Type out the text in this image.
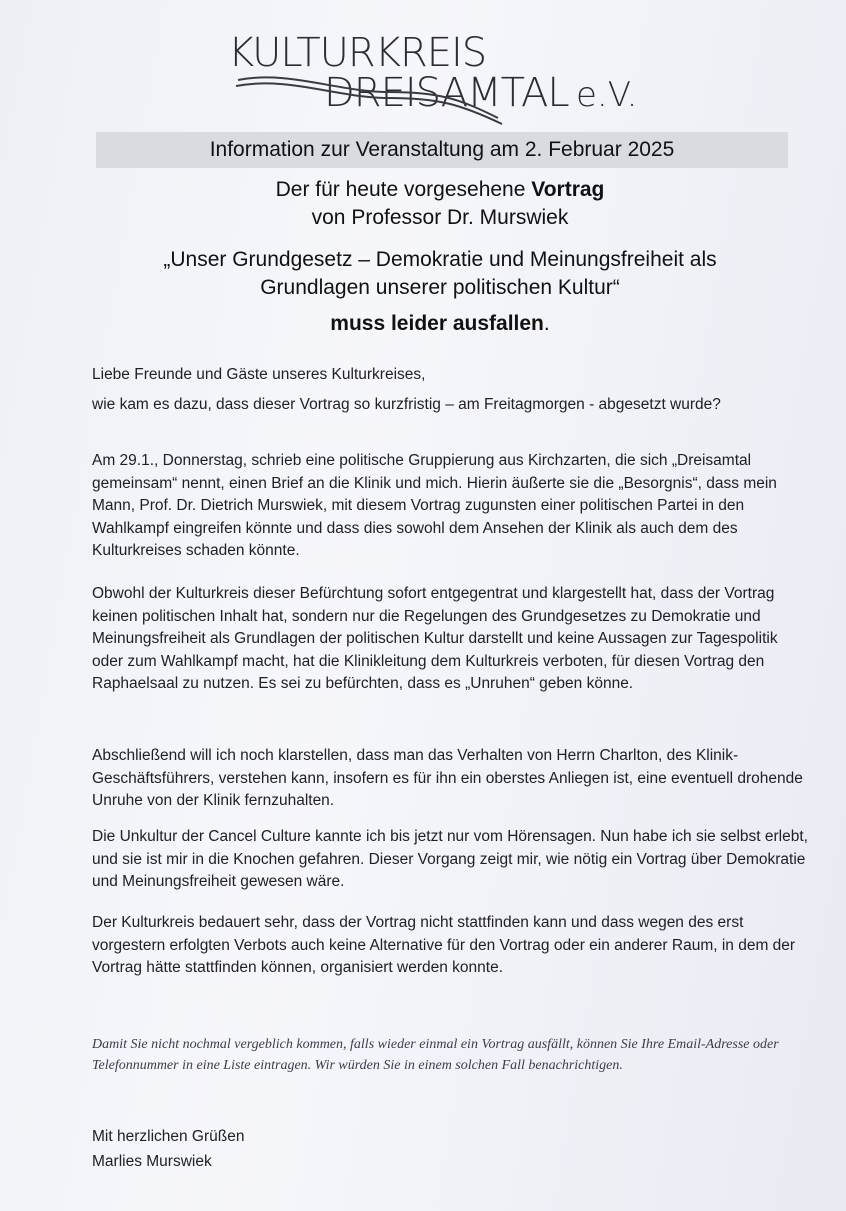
KULTURKREIS
DREISAMTAL e.V.
Information zur Veranstaltung am 2. Februar 2025
Der für heute vorgesehene Vortrag
von Professor Dr. Murswiek
„Unser Grundgesetz – Demokratie und Meinungsfreiheit als
Grundlagen unserer politischen Kultur“
muss leider ausfallen.
Liebe Freunde und Gäste unseres Kulturkreises,
wie kam es dazu, dass dieser Vortrag so kurzfristig – am Freitagmorgen - abgesetzt wurde?
Am 29.1., Donnerstag, schrieb eine politische Gruppierung aus Kirchzarten, die sich „Dreisamtal gemeinsam“ nennt, einen Brief an die Klinik und mich. Hierin äußerte sie die „Besorgnis“, dass mein Mann, Prof. Dr. Dietrich Murswiek, mit diesem Vortrag zugunsten einer politischen Partei in den Wahlkampf eingreifen könnte und dass dies sowohl dem Ansehen der Klinik als auch dem des Kulturkreises schaden könnte.
Obwohl der Kulturkreis dieser Befürchtung sofort entgegentrat und klargestellt hat, dass der Vortrag keinen politischen Inhalt hat, sondern nur die Regelungen des Grundgesetzes zu Demokratie und Meinungsfreiheit als Grundlagen der politischen Kultur darstellt und keine Aussagen zur Tagespolitik oder zum Wahlkampf macht, hat die Klinikleitung dem Kulturkreis verboten, für diesen Vortrag den Raphaelsaal zu nutzen. Es sei zu befürchten, dass es „Unruhen“ geben könne.
Abschließend will ich noch klarstellen, dass man das Verhalten von Herrn Charlton, des Klinik-Geschäftsführers, verstehen kann, insofern es für ihn ein oberstes Anliegen ist, eine eventuell drohende Unruhe von der Klinik fernzuhalten.
Die Unkultur der Cancel Culture kannte ich bis jetzt nur vom Hörensagen. Nun habe ich sie selbst erlebt, und sie ist mir in die Knochen gefahren. Dieser Vorgang zeigt mir, wie nötig ein Vortrag über Demokratie und Meinungsfreiheit gewesen wäre.
Der Kulturkreis bedauert sehr, dass der Vortrag nicht stattfinden kann und dass wegen des erst vorgestern erfolgten Verbots auch keine Alternative für den Vortrag oder ein anderer Raum, in dem der Vortrag hätte stattfinden können, organisiert werden konnte.
Damit Sie nicht nochmal vergeblich kommen, falls wieder einmal ein Vortrag ausfällt, können Sie Ihre Email-Adresse oder Telefonnummer in eine Liste eintragen. Wir würden Sie in einem solchen Fall benachrichtigen.
Mit herzlichen Grüßen
Marlies Murswiek
